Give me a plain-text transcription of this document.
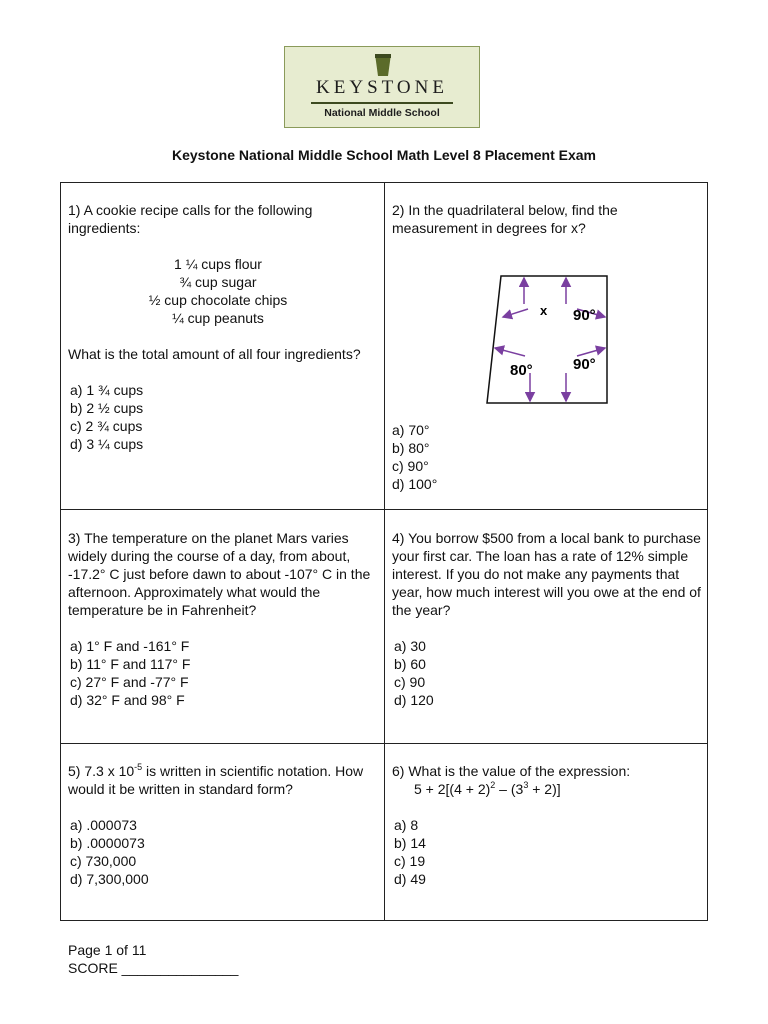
KEYSTONE
National Middle School
Keystone National Middle School Math Level 8 Placement Exam

1) A cookie recipe calls for the following ingredients:

1 ¼ cups flour
¾ cup sugar
½ cup chocolate chips
¼ cup peanuts

What is the total amount of all four ingredients?

a) 1 ¾ cups
b) 2 ½ cups
c) 2 ¾ cups
d) 3 ¼ cups

2) In the quadrilateral below, find the measurement in degrees for x?

x 90°
80°	90°
a) 70°
b) 80°
c) 90°
d) 100°

3) The temperature on the planet Mars varies widely during the course of a day, from about, -17.2° C just before dawn to about -107° C in the afternoon. Approximately what would the temperature be in Fahrenheit?

a) 1° F and -161° F
b) 11° F and 117° F
c) 27° F and -77° F
d) 32° F and 98° F

4) You borrow $500 from a local bank to purchase your first car. The loan has a rate of 12% simple interest. If you do not make any payments that year, how much interest will you owe at the end of the year?

a) 30
b) 60
c) 90
d) 120

5) 7.3 x $10^{-5}$ is written in scientific notation. How would it be written in standard form?

a) .000073
b) .0000073
c) 730,000
d) 7,300,000

6) What is the value of the expression:

$5 + 2[(4 + 2)^2 - (3^3 + 2)]$

a) 8
b) 14
c) 19
d) 49
Page 1 of 11
SCORE _______________
